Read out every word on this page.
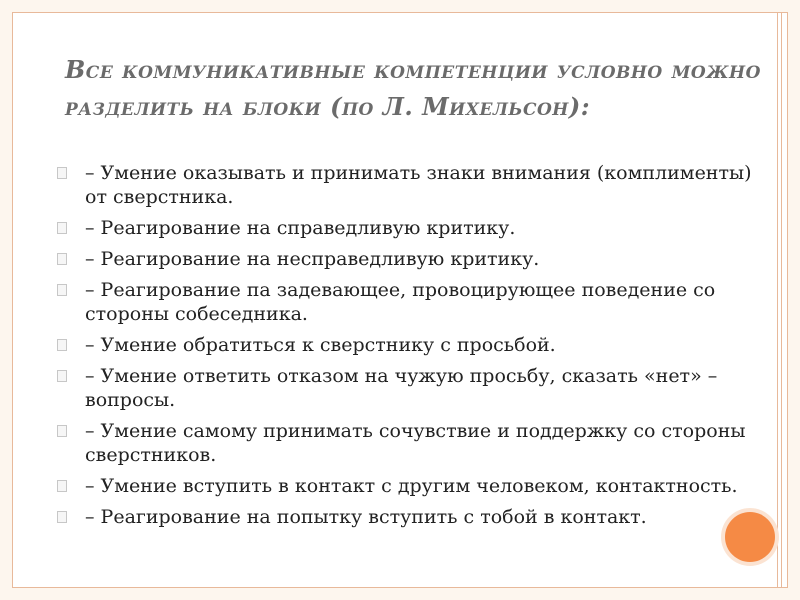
Все коммуникативные компетенции условно можно
разделить на блоки (по Л. Михельсон):
– Умение оказывать и принимать знаки внимания (комплименты) от сверстника.
– Реагирование на справедливую критику.
– Реагирование на несправедливую критику.
– Реагирование па задевающее, провоцирующее поведение со стороны собеседника.
– Умение обратиться к сверстнику с просьбой.
– Умение ответить отказом на чужую просьбу, сказать «нет» – вопросы.
– Умение самому принимать сочувствие и поддержку со стороны сверстников.
– Умение вступить в контакт с другим человеком, контактность.
– Реагирование на попытку вступить с тобой в контакт.
